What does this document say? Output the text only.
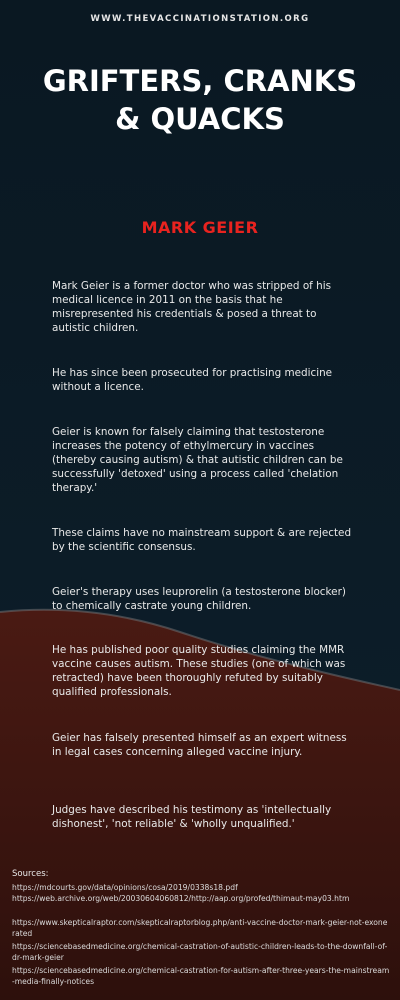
WWW.THEVACCINATIONSTATION.ORG
GRIFTERS, CRANKS
& QUACKS
MARK GEIER

Mark Geier is a former doctor who was stripped of his medical licence in 2011 on the basis that he misrepresented his credentials & posed a threat to autistic children.

He has since been prosecuted for practising medicine without a licence.

Geier is known for falsely claiming that testosterone increases the potency of ethylmercury in vaccines (thereby causing autism) & that autistic children can be successfully 'detoxed' using a process called 'chelation therapy.'

These claims have no mainstream support & are rejected by the scientific consensus.

Geier's therapy uses leuprorelin (a testosterone blocker) to chemically castrate young children.

He has published poor quality studies claiming the MMR vaccine causes autism. These studies (one of which was retracted) have been thoroughly refuted by suitably qualified professionals.

Geier has falsely presented himself as an expert witness in legal cases concerning alleged vaccine injury.

Judges have described his testimony as 'intellectually dishonest', 'not reliable' & 'wholly unqualified.'

Sources:
https://mdcourts.gov/data/opinions/cosa/2019/0338s18.pdf
https://web.archive.org/web/20030604060812/http://aap.org/profed/thimaut-may03.htm
https://www.skepticalraptor.com/skepticalraptorblog.php/anti-vaccine-doctor-mark-geier-not-exonerated
https://sciencebasedmedicine.org/chemical-castration-of-autistic-children-leads-to-the-downfall-of-dr-mark-geier
https://sciencebasedmedicine.org/chemical-castration-for-autism-after-three-years-the-mainstream-media-finally-notices
